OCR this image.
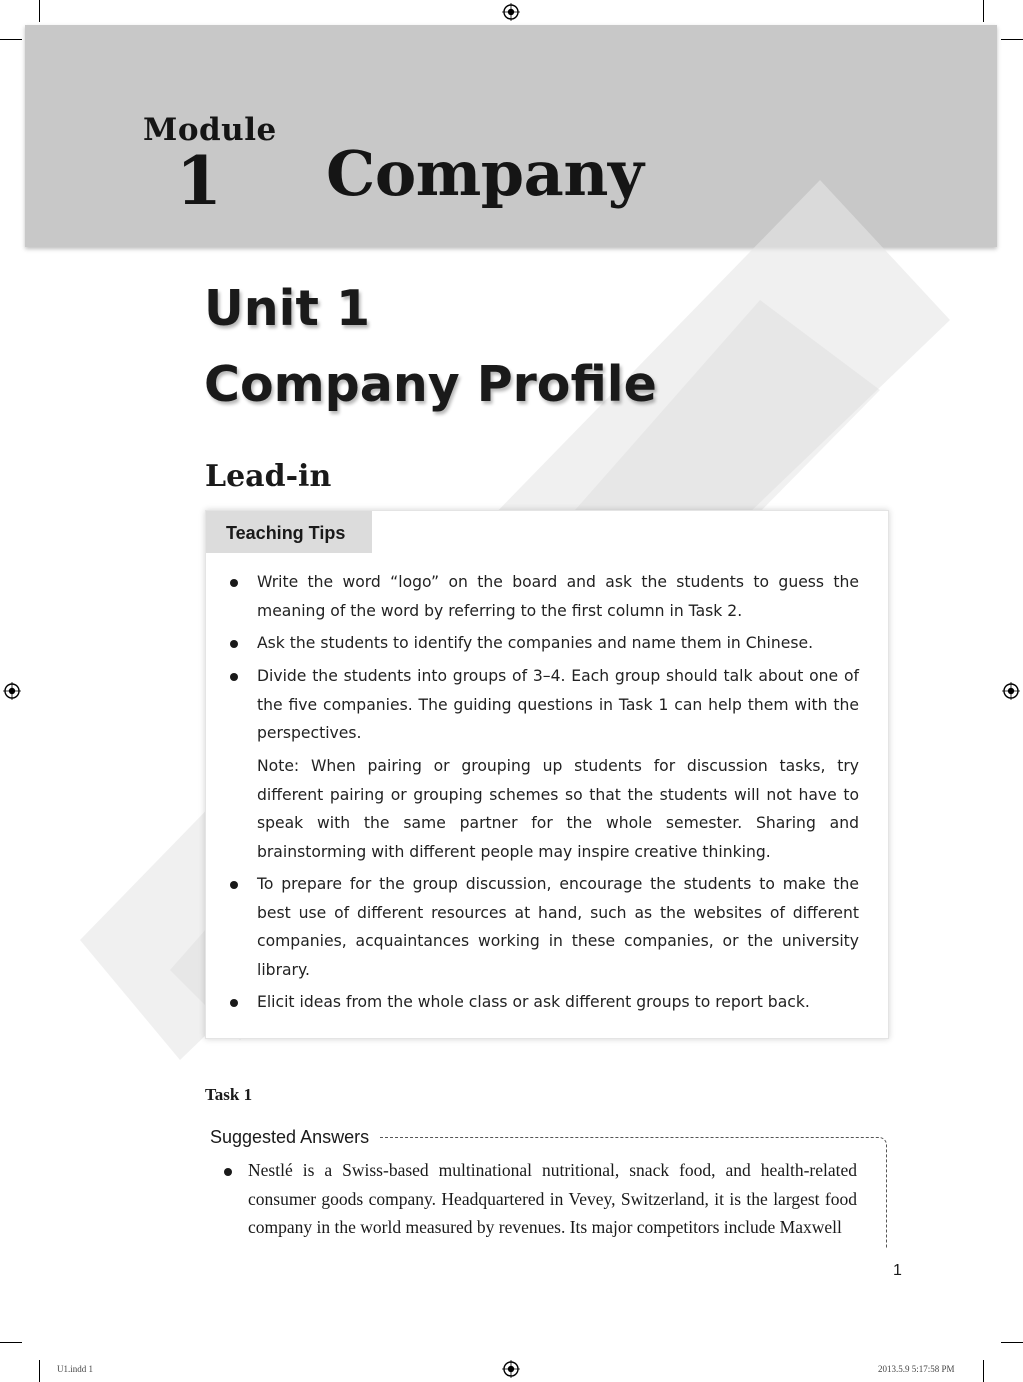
Module
1 Company
Unit 1
Company Profile
Lead-in
Teaching Tips
Write the word “logo” on the board and ask the students to guess the meaning of the word by referring to the first column in Task 2.
Ask the students to identify the companies and name them in Chinese.
Divide the students into groups of 3–4. Each group should talk about one of the five companies. The guiding questions in Task 1 can help them with the perspectives.
Note: When pairing or grouping up students for discussion tasks, try different pairing or grouping schemes so that the students will not have to speak with the same partner for the whole semester. Sharing and brainstorming with different people may inspire creative thinking.
To prepare for the group discussion, encourage the students to make the best use of different resources at hand, such as the websites of different companies, acquaintances working in these companies, or the university library.
Elicit ideas from the whole class or ask different groups to report back.
Task 1
Suggested Answers
Nestlé is a Swiss-based multinational nutritional, snack food, and health-related consumer goods company. Headquartered in Vevey, Switzerland, it is the largest food company in the world measured by revenues. Its major competitors include Maxwell
1
U1.indd 1	2013.5.9 5:17:58 PM
